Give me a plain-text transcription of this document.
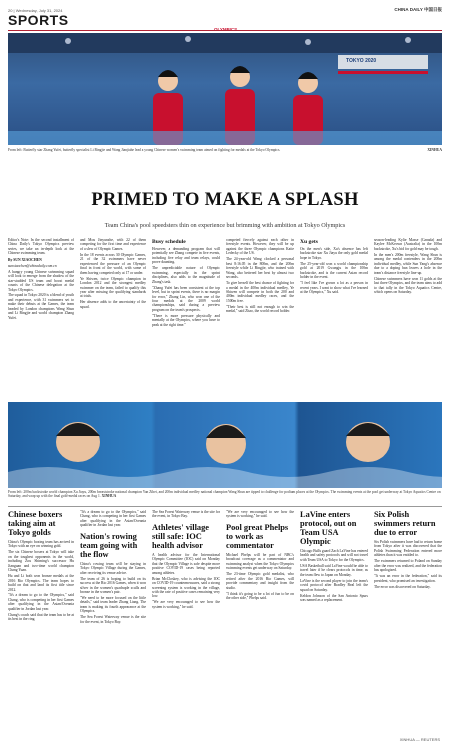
20 | Wednesday, July 31, 2024	CHINA DAILY 中国日报
SPORTS
TOKYO 2020
From left: Butterfly star Zhang Yufei, butterfly specialist Li Bingjie and Wang Jianjiahe lead a young Chinese women's swimming team aimed on fighting for medals at the Tokyo Olympics.	XINHUA
PRIMED TO MAKE A SPLASH
Team China's pool speedsters thin on experience but brimming with ambition at Tokyo Olympics

Editor's Note: In the second installment of China Daily's Tokyo Olympics preview series, we take an in-depth look at the Chinese swimming team.

By SUN XIAOCHEN

sunxiaochen@chinadaily.com.cn

A hungry young Chinese swimming squad will look to emerge from the shadow of the star-studded US team and boost medal counts of the Chinese delegation at the Tokyo Olympics.

The squad in Tokyo 2020 is a blend of youth and experience, with 31 swimmers set to make their debuts at the Games, the team headed by London champions Wang Shun and Li Bingjie and world champion Zhang Yufei.

and Mou Jinyunzhe, with 22 of them competing for the first time and experience of a slew of Olympic Games.

In the 18 events across 30 Olympic Games, 21 of the 32 swimmers have never experienced the pressure of an Olympic final in front of the world, with some of them having competed only at 17 or under.

Ye Shiwen, twice Olympic champion in London 2012 and the strongest medley swimmer on the team, failed to qualify this year after missing the qualifying standards at trials.

Her absence adds to the uncertainty of the squad.

Busy schedule

However, a demanding program that will potentially see Zhang compete in five events, including five relay and team relays, could prove daunting.

The unpredictable nature of Olympic swimming, especially in the sprint disciplines, also adds to the magnitude of Zhang's task.

"Zhang Yufei has been consistent at the top level, but in sprint events, there is no margin for error," Zhang Lin, who won one of the four medals at the 2009 world championships, said during a preview program on the team's prospects.

"There is more pressure physically and mentally at the Olympics, where you have to peak at the right time."

competed fiercely against each other in freestyle events. However, they will be up against the three Olympic champions Katie Ledecky of the US.

The 24-year-old Wang clocked a personal best 8:16.05 in the 800m, and the 200m freestyle while Li Bingjie, who trained with Wang, also bettered her best by almost two seconds.

To give herself the best chance of fighting for a medal in the 400m individual medley, Ye Shiwen will compete in both the 200 and 400m individual medley races, and the 1500m free.

"Their best is still not enough to win the medal," said Zhao, the world record holder.

Xu gets

On the men's side, Xu's absence has left backstroke star Xu Jiayu the only gold medal hope in Tokyo.

The 25-year-old won a world championship gold at 2019 Gwangju in the 100m backstroke, and is the current Asian record holder in the event.

"I feel like I've grown a lot as a person in recent years. I want to show what I've learned at the Olympics," Xu said.

season-leading Kylie Masse (Canada) and Kaylee McKeown (Australia) in the 100m backstroke, Xu's bid for gold may be tough.

In the men's 200m freestyle, Wang Shun is among the medal contenders in the 200m individual medley, while Sun Yang's absence due to a doping ban leaves a hole in the team's distance freestyle line-up.

Chinese swimmers have won 11 golds at the last three Olympics, and the team aims to add to that tally in the Tokyo Aquatics Centre, which opens on Saturday.

From left: 200m backstroke world champion Xu Jiayu, 200m breaststroke national champion Yan Zibei, and 200m individual medley national champion Wang Shun are tipped to challenge for podium places at the Olympics. The swimming events at the pool get underway at Tokyo Aquatics Centre on Saturday, and wrap up with the final gold-medal races on Aug 1. XINHUA
Chinese boxers taking aim at Tokyo golds

China's Olympic boxing team has arrived in Tokyo with an eye on winning gold.

The six Chinese boxers at Tokyo will take on the toughest opponents in the world, including Zou Shiming's successor Hu Jianguan and two-time world champion Chang Yuan.

Hu and Li both won bronze medals at the 2016 Rio Olympics. The team hopes to build on that and land its first title since 2012.

"It's a dream to go to the Olympics," said Chang, who is competing in her first Games after qualifying in the Asian/Oceania qualifier in Jordan last year.

Chang's coach said that the team has to be at its best in the ring.

"It's a dream to go to the Olympics," said Chang, who is competing in her first Games after qualifying in the Asian/Oceania qualifier in Jordan last year.

Nation's rowing team going with the flow

China's rowing team will be staying in Tokyo Olympic Village during the Games, after receiving its venue advice.

The team of 26 is hoping to build on its success at the Rio 2016 Games, when it won silver in the women's quadruple sculls and bronze in the women's pair.

"We need to be more focused on the little details," said team leader Zhang Liang. The team is making its fourth appearance at the Olympics.

The Sea Forest Waterway venue is the site for the event, in Tokyo Bay.

The Sea Forest Waterway venue is the site for the event, in Tokyo Bay.

Athletes' village still safe: IOC health advisor

A health advisor for the International Olympic Committee (IOC) said on Monday that the Olympic Village is safe despite more positive COVID-19 cases being reported among athletes.

Brian McCloskey, who is advising the IOC on COVID-19 countermeasures, said a strong screening system is working in the village, with the rate of positive cases remaining very low.

"We are very encouraged to see how the system is working," he said.

"We are very encouraged to see how the system is working," he said.

Pool great Phelps to work as commentator

Michael Phelps will be part of NBC's broadcast coverage as a commentator and swimming analyst when the Tokyo Olympics swimming events get underway on Saturday.

The 23-time Olympic gold medalist, who retired after the 2016 Rio Games, will provide commentary and insight from the studio.

"I think it's going to be a lot of fun to be on the other side," Phelps said.

LaVine enters protocol, out on Team USA Olympic

Chicago Bulls guard Zach LaVine has entered health and safety protocols and will not travel with Team USA to Tokyo for the Olympics.

USA Basketball said LaVine would be able to travel later if he clears protocols in time, as the team flew to Japan on Monday.

LaVine is the second player to join the team's covid protocol after Bradley Beal left the squad on Saturday.

Keldon Johnson of the San Antonio Spurs was named as a replacement.

Six Polish swimmers return due to error

Six Polish swimmers have had to return home from Tokyo after it was discovered that the Polish Swimming Federation entered more athletes than it was entitled to.

The swimmers returned to Poland on Sunday after the error was realized, and the federation has apologized.

"It was an error in the federation," said its president, who promised an investigation.

The error was discovered on Saturday.

XINHUA — REUTERS
